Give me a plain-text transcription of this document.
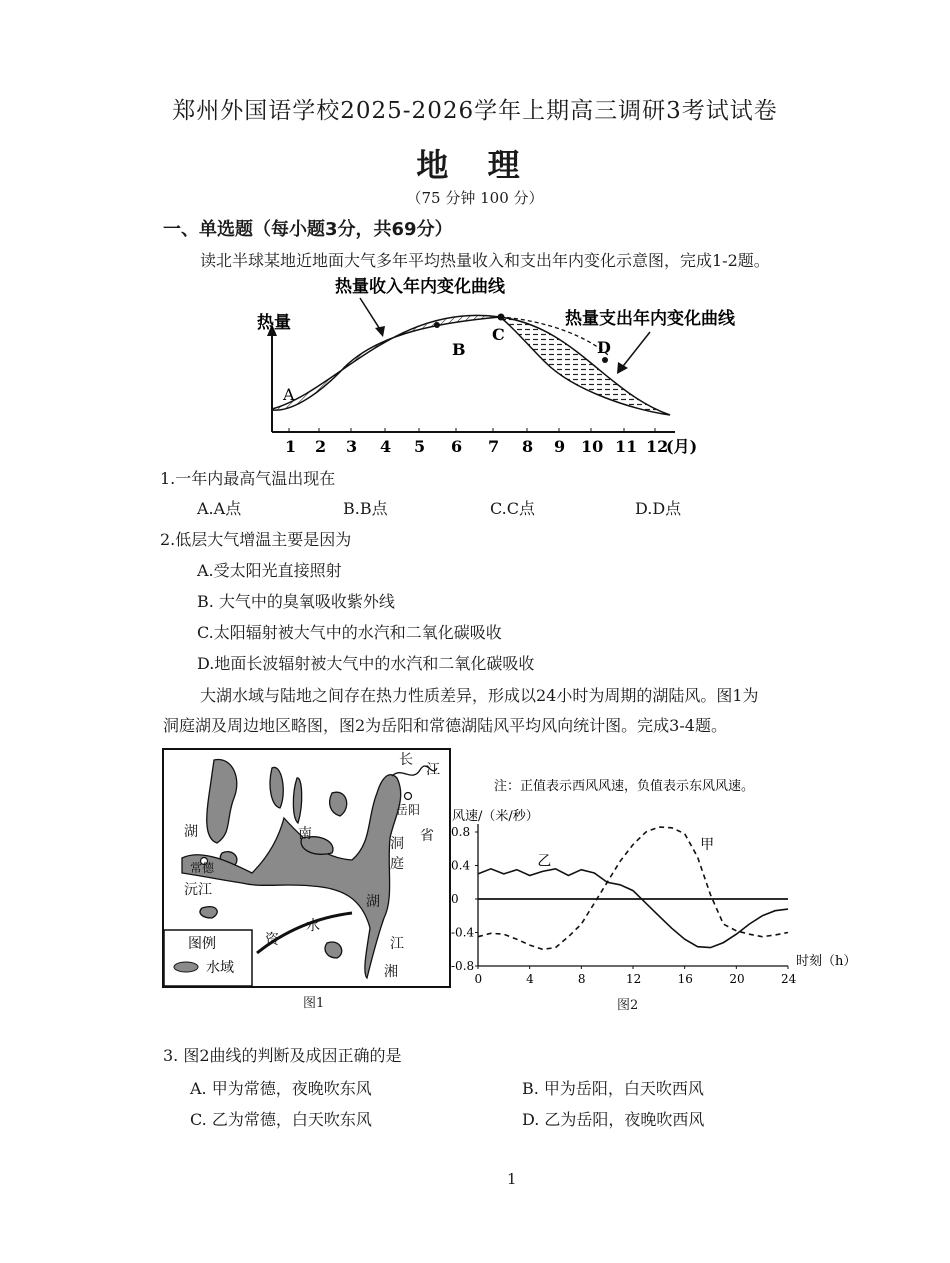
郑州外国语学校2025-2026学年上期高三调研3考试试卷
地 理
（75 分钟 100 分）
一、单选题（每小题3分，共69分）
读北半球某地近地面大气多年平均热量收入和支出年内变化示意图，完成1-2题。
A
B
C
D
热量收入年内变化曲线
热量支出年内变化曲线
热量
1 2 3 4 5 6 7 8 9 10 11 12
(月)
1.一年内最高气温出现在
A.A点	B.B点	C.C点	D.D点
2.低层大气增温主要是因为
A.受太阳光直接照射
B. 大气中的臭氧吸收紫外线
C.太阳辐射被大气中的水汽和二氧化碳吸收
D.地面长波辐射被大气中的水汽和二氧化碳吸收
大湖水域与陆地之间存在热力性质差异，形成以24小时为周期的湖陆风。图1为
洞庭湖及周边地区略图，图2为岳阳和常德湖陆风平均风向统计图。完成3-4题。
长
江
岳阳
洞 省
湖	南
庭
常德
沅江
湖
资
水
江
湘
图例
水域
图1
注：正值表示西风风速，负值表示东风风速。
风速/（米/秒）
时刻（h）
0.8
0.4
0
-0.4
-0.8
0	4	8	12	16	20	24
甲
乙
图2
3. 图2曲线的判断及成因正确的是
A. 甲为常德，夜晚吹东风	B. 甲为岳阳，白天吹西风
C. 乙为常德，白天吹东风	D. 乙为岳阳，夜晚吹西风
1
